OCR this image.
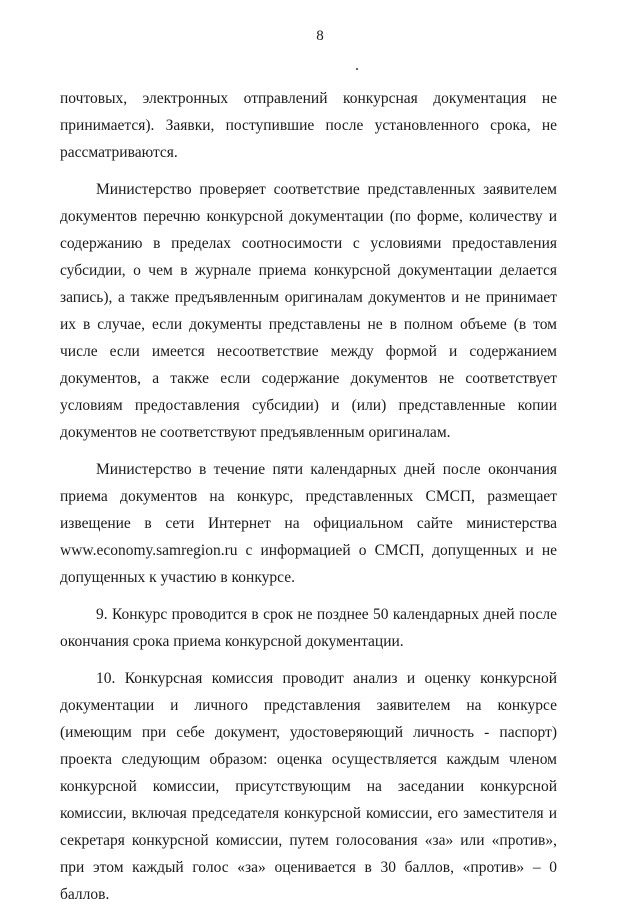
8

почтовых, электронных отправлений конкурсная документация не принимается). Заявки, поступившие после установленного срока, не рассматриваются.

Министерство проверяет соответствие представленных заявителем документов перечню конкурсной документации (по форме, количеству и содержанию в пределах соотносимости с условиями предоставления субсидии, о чем в журнале приема конкурсной документации делается запись), а также предъявленным оригиналам документов и не принимает их в случае, если документы представлены не в полном объеме (в том числе если имеется несоответствие между формой и содержанием документов, а также если содержание документов не соответствует условиям предоставления субсидии) и (или) представленные копии документов не соответствуют предъявленным оригиналам.

Министерство в течение пяти календарных дней после окончания приема документов на конкурс, представленных СМСП, размещает извещение в сети Интернет на официальном сайте министерства www.economy.samregion.ru с информацией о СМСП, допущенных и не допущенных к участию в конкурсе.

9. Конкурс проводится в срок не позднее 50 календарных дней после окончания срока приема конкурсной документации.

10. Конкурсная комиссия проводит анализ и оценку конкурсной документации и личного представления заявителем на конкурсе (имеющим при себе документ, удостоверяющий личность - паспорт) проекта следующим образом: оценка осуществляется каждым членом конкурсной комиссии, присутствующим на заседании конкурсной комиссии, включая председателя конкурсной комиссии, его заместителя и секретаря конкурсной комиссии, путем голосования «за» или «против», при этом каждый голос «за» оценивается в 30 баллов, «против» – 0 баллов.
